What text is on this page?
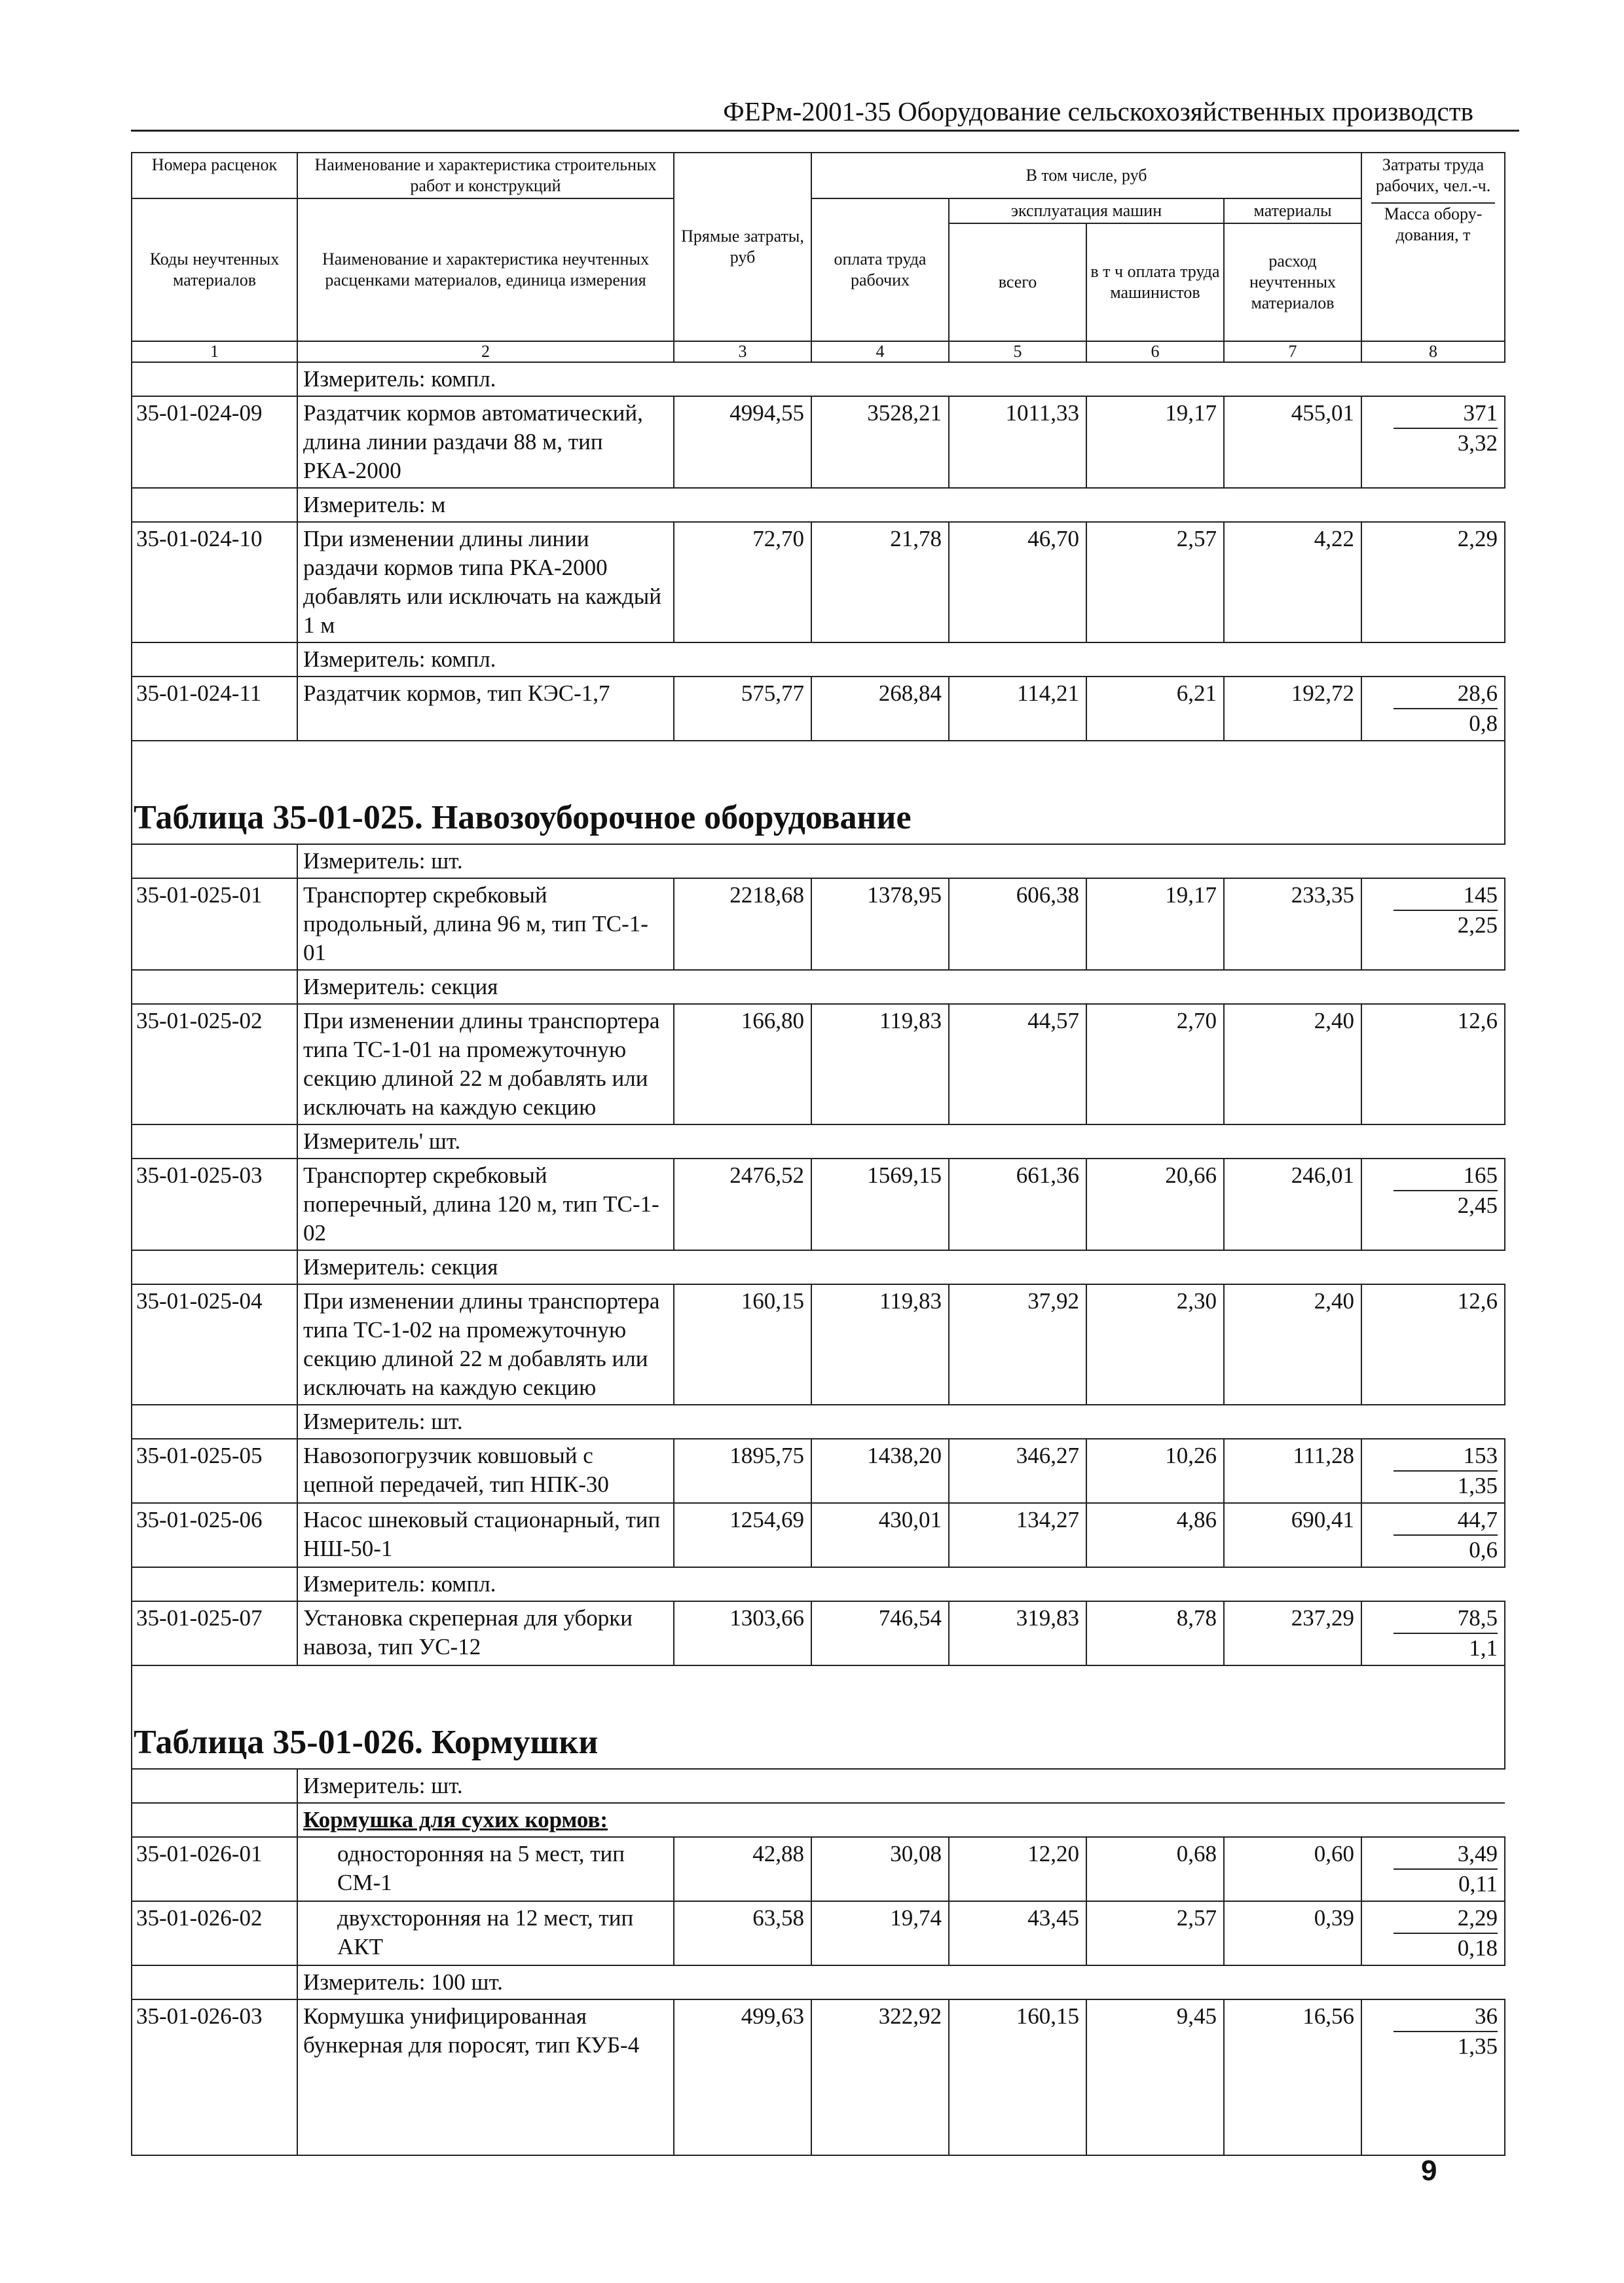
ФЕРм-2001-35 Оборудование сельскохозяйственных производств
Номера расценок	Наименование и характеристика строительных работ и конструкций	Прямые затраты, руб	В том числе, руб				Затраты труда рабочих, чел.-ч.
Масса обору-дования, т
Коды неучтенных материалов	Наименование и характеристика неучтенных расценками материалов, единица измерения		оплата труда рабочих	эксплуатация машин		материалы	
				всего	в т ч оплата труда машинистов	расход неучтенных материалов	
1	2	3	4	5	6	7	8
	Измеритель: компл.						
35-01-024-09	Раздатчик кормов автоматический, длина линии раздачи 88 м, тип РКА-2000	4994,55	3528,21	1011,33	19,17	455,01	371
3,32

	Измеритель: м						
35-01-024-10	При изменении длины линии раздачи кормов типа РКА-2000 добавлять или исключать на каждый 1 м	72,70	21,78	46,70	2,57	4,22	2,29
	Измеритель: компл.						
35-01-024-11	Раздатчик кормов, тип КЭС-1,7	575,77	268,84	114,21	6,21	192,72	28,6
0,8

Таблица 35-01-025. Навозоуборочное оборудование							
	Измеритель: шт.						
35-01-025-01	Транспортер скребковый продольный, длина 96 м, тип ТС-1-01	2218,68	1378,95	606,38	19,17	233,35	145
2,25

	Измеритель: секция						
35-01-025-02	При изменении длины транспортера типа ТС-1-01 на промежуточную секцию длиной 22 м добавлять или исключать на каждую секцию	166,80	119,83	44,57	2,70	2,40	12,6
	Измеритель' шт.						
35-01-025-03	Транспортер скребковый поперечный, длина 120 м, тип ТС-1-02	2476,52	1569,15	661,36	20,66	246,01	165
2,45

	Измеритель: секция						
35-01-025-04	При изменении длины транспортера типа ТС-1-02 на промежуточную секцию длиной 22 м добавлять или исключать на каждую секцию	160,15	119,83	37,92	2,30	2,40	12,6
	Измеритель: шт.						
35-01-025-05	Навозопогрузчик ковшовый с цепной передачей, тип НПК-30	1895,75	1438,20	346,27	10,26	111,28	153
1,35

35-01-025-06	Насос шнековый стационарный, тип НШ-50-1	1254,69	430,01	134,27	4,86	690,41	44,7
0,6

	Измеритель: компл.						
35-01-025-07	Установка скреперная для уборки навоза, тип УС-12	1303,66	746,54	319,83	8,78	237,29	78,5
1,1

Таблица 35-01-026. Кормушки							
	Измеритель: шт.						
	Кормушка для сухих кормов:						
35-01-026-01	односторонняя на 5 мест, тип СМ-1	42,88	30,08	12,20	0,68	0,60	3,49
0,11

35-01-026-02	двухсторонняя на 12 мест, тип АКТ	63,58	19,74	43,45	2,57	0,39	2,29
0,18

	Измеритель: 100 шт.						
35-01-026-03	Кормушка унифицированная бункерная для поросят, тип КУБ-4	499,63	322,92	160,15	9,45	16,56	36
1,35
9
